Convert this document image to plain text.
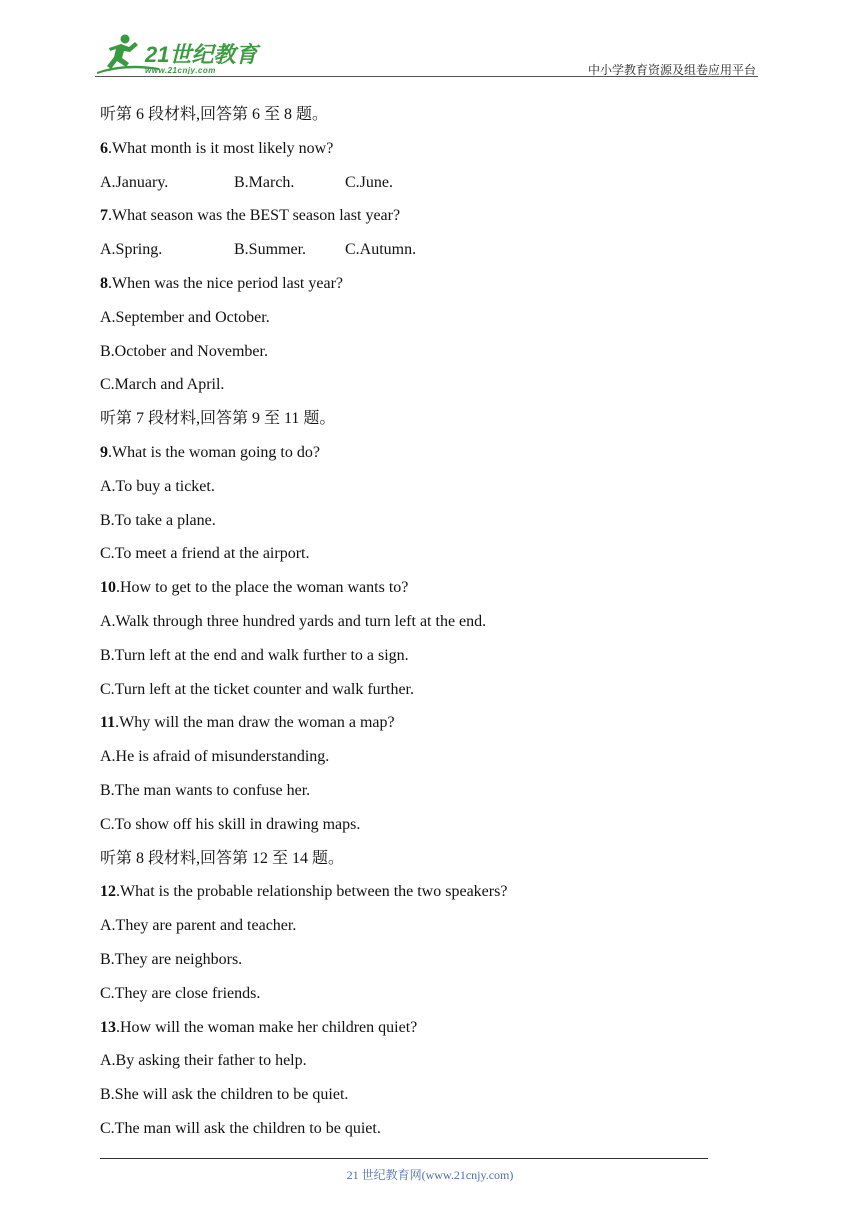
21世纪教育
www.21cnjy.com	中小学教育资源及组卷应用平台
听第 6 段材料,回答第 6 至 8 题。
6.What month is it most likely now?
A.January.	B.March.	C.June.
7.What season was the BEST season last year?
A.Spring.	B.Summer. C.Autumn.
8.When was the nice period last year?
A.September and October.
B.October and November.
C.March and April.
听第 7 段材料,回答第 9 至 11 题。
9.What is the woman going to do?
A.To buy a ticket.
B.To take a plane.
C.To meet a friend at the airport.
10.How to get to the place the woman wants to?
A.Walk through three hundred yards and turn left at the end.
B.Turn left at the end and walk further to a sign.
C.Turn left at the ticket counter and walk further.
11.Why will the man draw the woman a map?
A.He is afraid of misunderstanding.
B.The man wants to confuse her.
C.To show off his skill in drawing maps.
听第 8 段材料,回答第 12 至 14 题。
12.What is the probable relationship between the two speakers?
A.They are parent and teacher.
B.They are neighbors.
C.They are close friends.
13.How will the woman make her children quiet?
A.By asking their father to help.
B.She will ask the children to be quiet.
C.The man will ask the children to be quiet.
21 世纪教育网(www.21cnjy.com)
